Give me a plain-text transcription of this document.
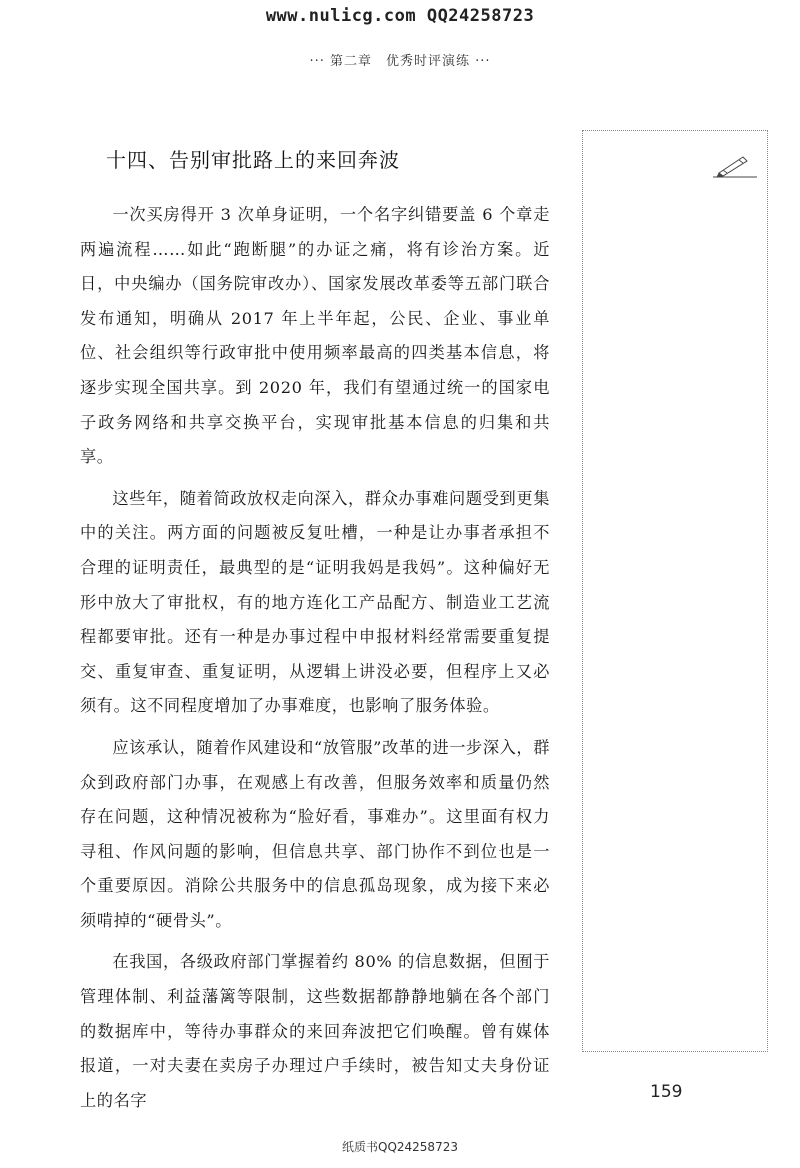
www.nulicg.com QQ24258723
··· 第二章　优秀时评演练 ···
十四、告别审批路上的来回奔波

一次买房得开 3 次单身证明，一个名字纠错要盖 6 个章走两遍流程……如此“跑断腿”的办证之痛，将有诊治方案。近日，中央编办（国务院审改办）、国家发展改革委等五部门联合发布通知，明确从 2017 年上半年起，公民、企业、事业单位、社会组织等行政审批中使用频率最高的四类基本信息，将逐步实现全国共享。到 2020 年，我们有望通过统一的国家电子政务网络和共享交换平台，实现审批基本信息的归集和共享。

这些年，随着简政放权走向深入，群众办事难问题受到更集中的关注。两方面的问题被反复吐槽，一种是让办事者承担不合理的证明责任，最典型的是“证明我妈是我妈”。这种偏好无形中放大了审批权，有的地方连化工产品配方、制造业工艺流程都要审批。还有一种是办事过程中申报材料经常需要重复提交、重复审查、重复证明，从逻辑上讲没必要，但程序上又必须有。这不同程度增加了办事难度，也影响了服务体验。

应该承认，随着作风建设和“放管服”改革的进一步深入，群众到政府部门办事，在观感上有改善，但服务效率和质量仍然存在问题，这种情况被称为“脸好看，事难办”。这里面有权力寻租、作风问题的影响，但信息共享、部门协作不到位也是一个重要原因。消除公共服务中的信息孤岛现象，成为接下来必须啃掉的“硬骨头”。

在我国，各级政府部门掌握着约 80% 的信息数据，但囿于管理体制、利益藩篱等限制，这些数据都静静地躺在各个部门的数据库中，等待办事群众的来回奔波把它们唤醒。曾有媒体报道，一对夫妻在卖房子办理过户手续时，被告知丈夫身份证上的名字	159
纸质书QQ24258723
